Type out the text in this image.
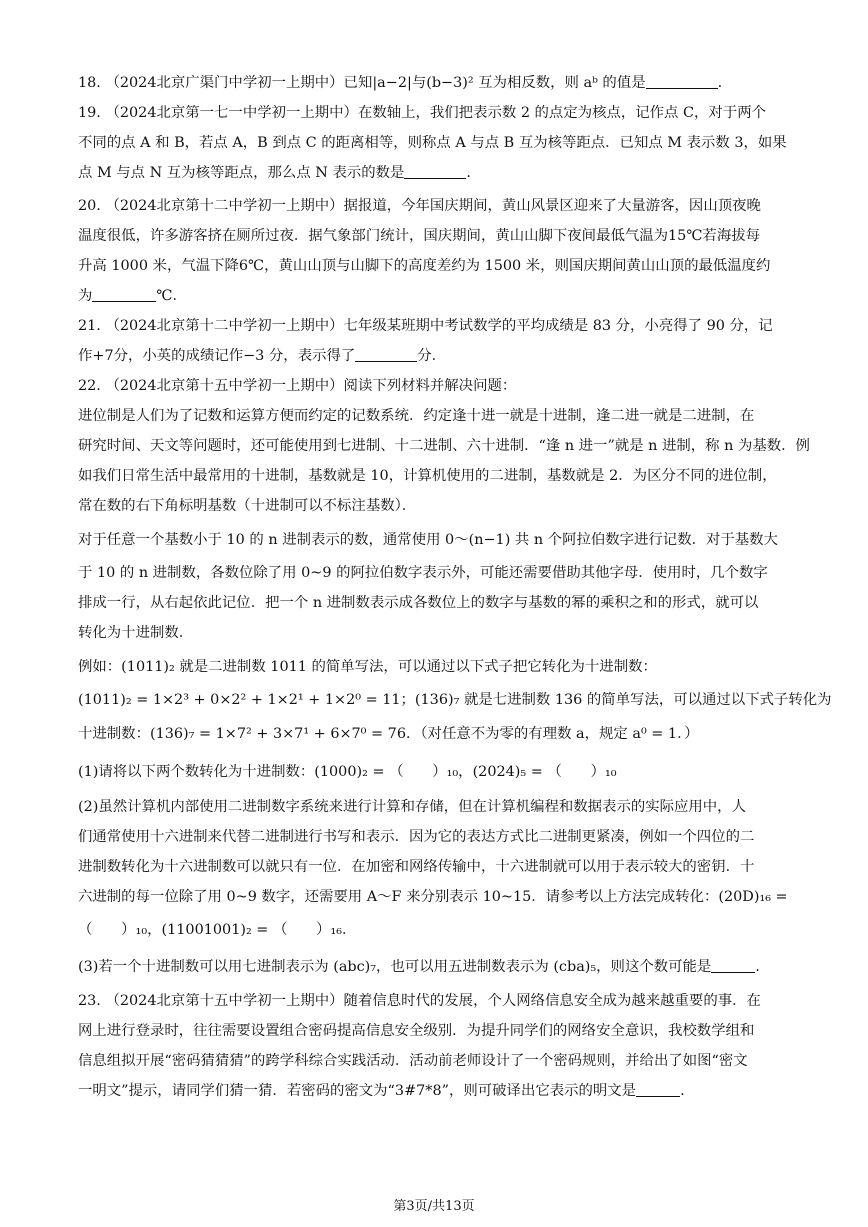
18. （2024北京广渠门中学初一上期中）已知|a−2|与(b−3)² 互为相反数，则 aᵇ 的值是	.
19. （2024北京第一七一中学初一上期中）在数轴上，我们把表示数 2 的点定为核点，记作点 C，对于两个
不同的点 A 和 B，若点 A，B 到点 C 的距离相等，则称点 A 与点 B 互为核等距点．已知点 M 表示数 3，如果
点 M 与点 N 互为核等距点，那么点 N 表示的数是	.
20. （2024北京第十二中学初一上期中）据报道，今年国庆期间，黄山风景区迎来了大量游客，因山顶夜晚
温度很低，许多游客挤在厕所过夜．据气象部门统计，国庆期间，黄山山脚下夜间最低气温为15℃若海拔每
升高 1000 米，气温下降6℃，黄山山顶与山脚下的高度差约为 1500 米，则国庆期间黄山山顶的最低温度约
为	℃．
21. （2024北京第十二中学初一上期中）七年级某班期中考试数学的平均成绩是 83 分，小亮得了 90 分，记
作+7分，小英的成绩记作−3 分，表示得了	分．
22. （2024北京第十五中学初一上期中）阅读下列材料并解决问题：
进位制是人们为了记数和运算方便而约定的记数系统．约定逢十进一就是十进制，逢二进一就是二进制，在
研究时间、天文等问题时，还可能使用到七进制、十二进制、六十进制．“逢 n 进一”就是 n 进制，称 n 为基数．例
如我们日常生活中最常用的十进制，基数就是 10，计算机使用的二进制，基数就是 2．为区分不同的进位制，
常在数的右下角标明基数（十进制可以不标注基数）．
对于任意一个基数小于 10 的 n 进制表示的数，通常使用 0～(n−1) 共 n 个阿拉伯数字进行记数．对于基数大
于 10 的 n 进制数，各数位除了用 0~9 的阿拉伯数字表示外，可能还需要借助其他字母．使用时，几个数字
排成一行，从右起依此记位．把一个 n 进制数表示成各数位上的数字与基数的幂的乘积之和的形式，就可以
转化为十进制数．
例如：(1011)₂ 就是二进制数 1011 的简单写法，可以通过以下式子把它转化为十进制数：
(1011)₂ = 1×2³ + 0×2² + 1×2¹ + 1×2⁰ = 11；(136)₇ 就是七进制数 136 的简单写法，可以通过以下式子转化为
十进制数：(136)₇ = 1×7² + 3×7¹ + 6×7⁰ = 76．（对任意不为零的有理数 a，规定 a⁰ = 1．）
(1)请将以下两个数转化为十进制数：(1000)₂ = （　　）₁₀，(2024)₅ = （　　）₁₀
(2)虽然计算机内部使用二进制数字系统来进行计算和存储，但在计算机编程和数据表示的实际应用中，人
们通常使用十六进制来代替二进制进行书写和表示．因为它的表达方式比二进制更紧凑，例如一个四位的二
进制数转化为十六进制数可以就只有一位．在加密和网络传输中，十六进制就可以用于表示较大的密钥．十
六进制的每一位除了用 0~9 数字，还需要用 A～F 来分别表示 10~15．请参考以上方法完成转化：(20D)₁₆ =
（　　）₁₀，(11001001)₂ = （　　）₁₆．
(3)若一个十进制数可以用七进制表示为 (abc)₇，也可以用五进制数表示为 (cba)₅，则这个数可能是	.
23. （2024北京第十五中学初一上期中）随着信息时代的发展，个人网络信息安全成为越来越重要的事．在
网上进行登录时，往往需要设置组合密码提高信息安全级别．为提升同学们的网络安全意识，我校数学组和
信息组拟开展“密码猜猜猜”的跨学科综合实践活动．活动前老师设计了一个密码规则，并给出了如图“密文
一明文”提示，请同学们猜一猜．若密码的密文为“3#7*8”，则可破译出它表示的明文是	.
第3页/共13页
